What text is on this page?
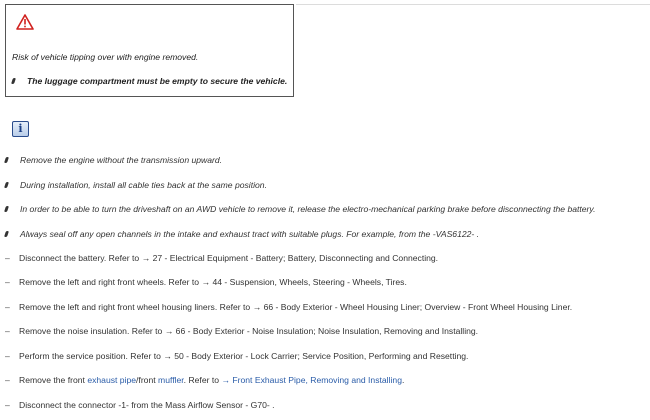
Risk of vehicle tipping over with engine removed.
The luggage compartment must be empty to secure the vehicle.
i
Remove the engine without the transmission upward.
During installation, install all cable ties back at the same position.
In order to be able to turn the driveshaft on an AWD vehicle to remove it, release the electro-mechanical parking brake before disconnecting the battery.
Always seal off any open channels in the intake and exhaust tract with suitable plugs. For example, from the -VAS6122- .
– Disconnect the battery. Refer to → 27 - Electrical Equipment - Battery; Battery, Disconnecting and Connecting.
– Remove the left and right front wheels. Refer to → 44 - Suspension, Wheels, Steering - Wheels, Tires.
– Remove the left and right front wheel housing liners. Refer to → 66 - Body Exterior - Wheel Housing Liner; Overview - Front Wheel Housing Liner.
– Remove the noise insulation. Refer to → 66 - Body Exterior - Noise Insulation; Noise Insulation, Removing and Installing.
– Perform the service position. Refer to → 50 - Body Exterior - Lock Carrier; Service Position, Performing and Resetting.
– Remove the front exhaust pipe/front muffler. Refer to → Front Exhaust Pipe, Removing and Installing.
– Disconnect the connector -1- from the Mass Airflow Sensor - G70- .
